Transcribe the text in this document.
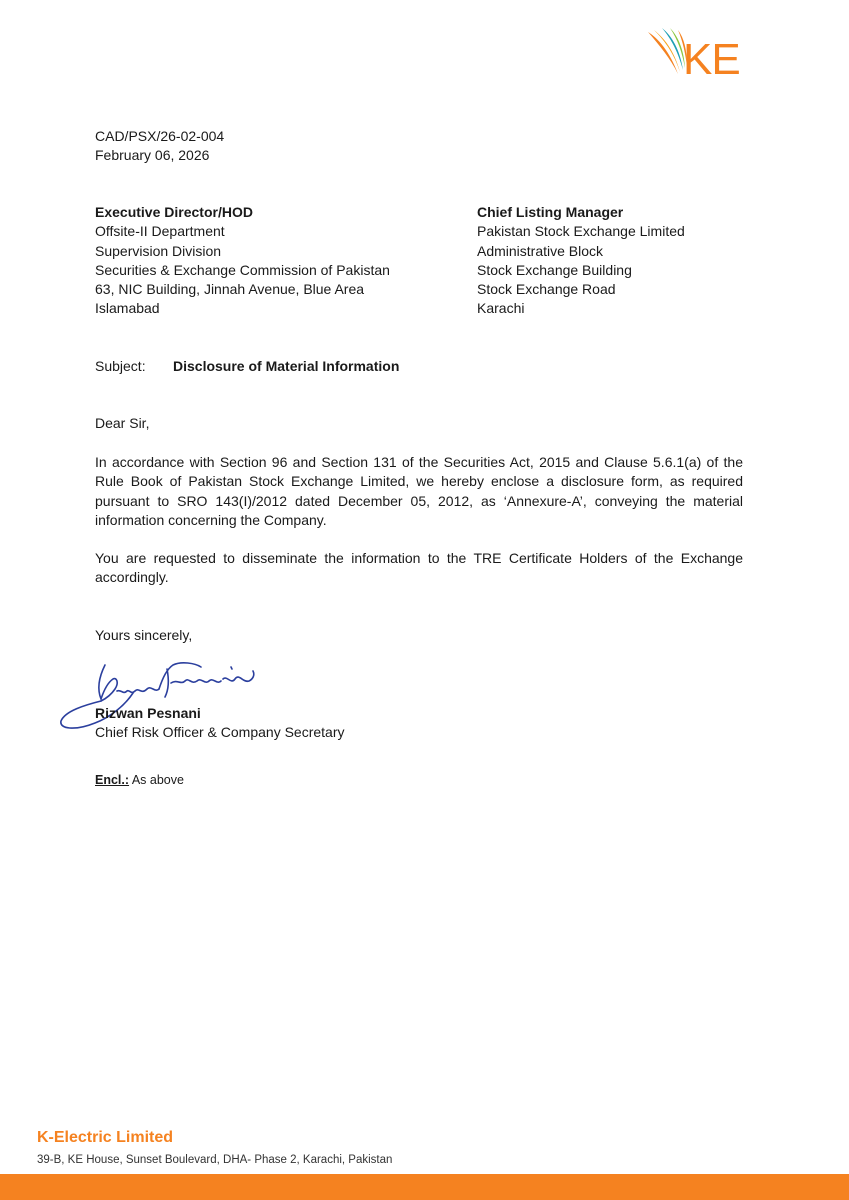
KE
CAD/PSX/26-02-004
February 06, 2026
Executive Director/HOD
Offsite-II Department
Supervision Division
Securities & Exchange Commission of Pakistan
63, NIC Building, Jinnah Avenue, Blue Area
Islamabad
Chief Listing Manager
Pakistan Stock Exchange Limited
Administrative Block
Stock Exchange Building
Stock Exchange Road
Karachi
Subject: Disclosure of Material Information
Dear Sir,
In accordance with Section 96 and Section 131 of the Securities Act, 2015 and Clause 5.6.1(a) of the Rule Book of Pakistan Stock Exchange Limited, we hereby enclose a disclosure form, as required pursuant to SRO 143(I)/2012 dated December 05, 2012, as ‘Annexure-A’, conveying the material information concerning the Company.
You are requested to disseminate the information to the TRE Certificate Holders of the Exchange accordingly.
Yours sincerely,
Rizwan Pesnani
Chief Risk Officer & Company Secretary
Encl.: As above
K-Electric Limited
39-B, KE House, Sunset Boulevard, DHA- Phase 2, Karachi, Pakistan
